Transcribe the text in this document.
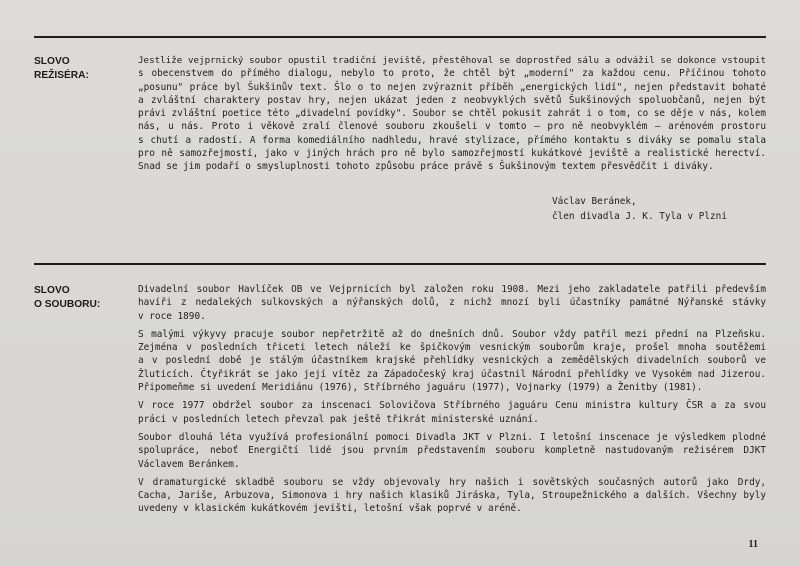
SLOVO
REŽISÉRA:
Jestliže vejprnický soubor opustil tradiční jeviště, přestěhoval se doprostřed sálu a odvážil se dokonce vstoupit
s obecenstvem do přímého dialogu, nebylo to proto, že chtěl být „moderní" za každou cenu. Příčinou tohoto
„posunu" práce byl Šukšinův text. Šlo o to nejen zvýraznit příběh „energických lidí", nejen představit bohaté
a zvláštní charaktery postav hry, nejen ukázat jeden z neobvyklých světů Šukšinových spoluobčanů, nejen být
právi zvláštní poetice této „divadelní povídky". Soubor se chtěl pokusit zahrát i o tom, co se děje v nás, kolem
nás, u nás. Proto i věkově zralí členové souboru zkoušeli v tomto — pro ně neobvyklém — arénovém prostoru
s chutí a radostí. A forma komediálního nadhledu, hravé stylizace, přímého kontaktu s diváky se pomalu stala
pro ně samozřejmostí, jako v jiných hrách pro ně bylo samozřejmostí kukátkové jeviště a realistické herectví.
Snad se jim podaří o smysluplnosti tohoto způsobu práce právě s Šukšinovým textem přesvědčit i diváky.
Václav Beránek,
člen divadla J. K. Tyla v Plzni
SLOVO
O SOUBORU:
Divadelní soubor Havlíček OB ve Vejprnicích byl založen roku 1908. Mezi jeho zakladatele patřili především
havíři z nedalekých sulkovských a nýřanských dolů, z nichž mnozí byli účastníky památné Nýřanské stávky
v roce 1890.
S malými výkyvy pracuje soubor nepřetržitě až do dnešních dnů. Soubor vždy patřil mezi přední na Plzeňsku.
Zejména v posledních třiceti letech náleží ke špičkovým vesnickým souborům kraje, prošel mnoha soutěžemi
a v poslední době je stálým účastníkem krajské přehlídky vesnických a zemědělských divadelních souborů ve
Žluticích. Čtyřikrát se jako její vítěz za Západočeský kraj účastnil Národní přehlídky ve Vysokém nad Jizerou.
Připomeňme si uvedení Meridiánu (1976), Stříbrného jaguáru (1977), Vojnarky (1979) a Ženitby (1981).
V roce 1977 obdržel soubor za inscenaci Solovičova Stříbrného jaguáru Cenu ministra kultury ČSR a za svou
práci v posledních letech převzal pak ještě třikrát ministerské uznání.
Soubor dlouhá léta využívá profesionální pomoci Divadla JKT v Plzni. I letošní inscenace je výsledkem plodné
spolupráce, neboť Energičtí lidé jsou prvním představením souboru kompletně nastudovaným režisérem DJKT
Václavem Beránkem.
V dramaturgické skladbě souboru se vždy objevovaly hry našich i sovětských současných autorů jako Drdy,
Cacha, Jariše, Arbuzova, Simonova i hry našich klasiků Jiráska, Tyla, Stroupežnického a dalších. Všechny byly
uvedeny v klasickém kukátkovém jevišti, letošní však poprvé v aréně.
11
